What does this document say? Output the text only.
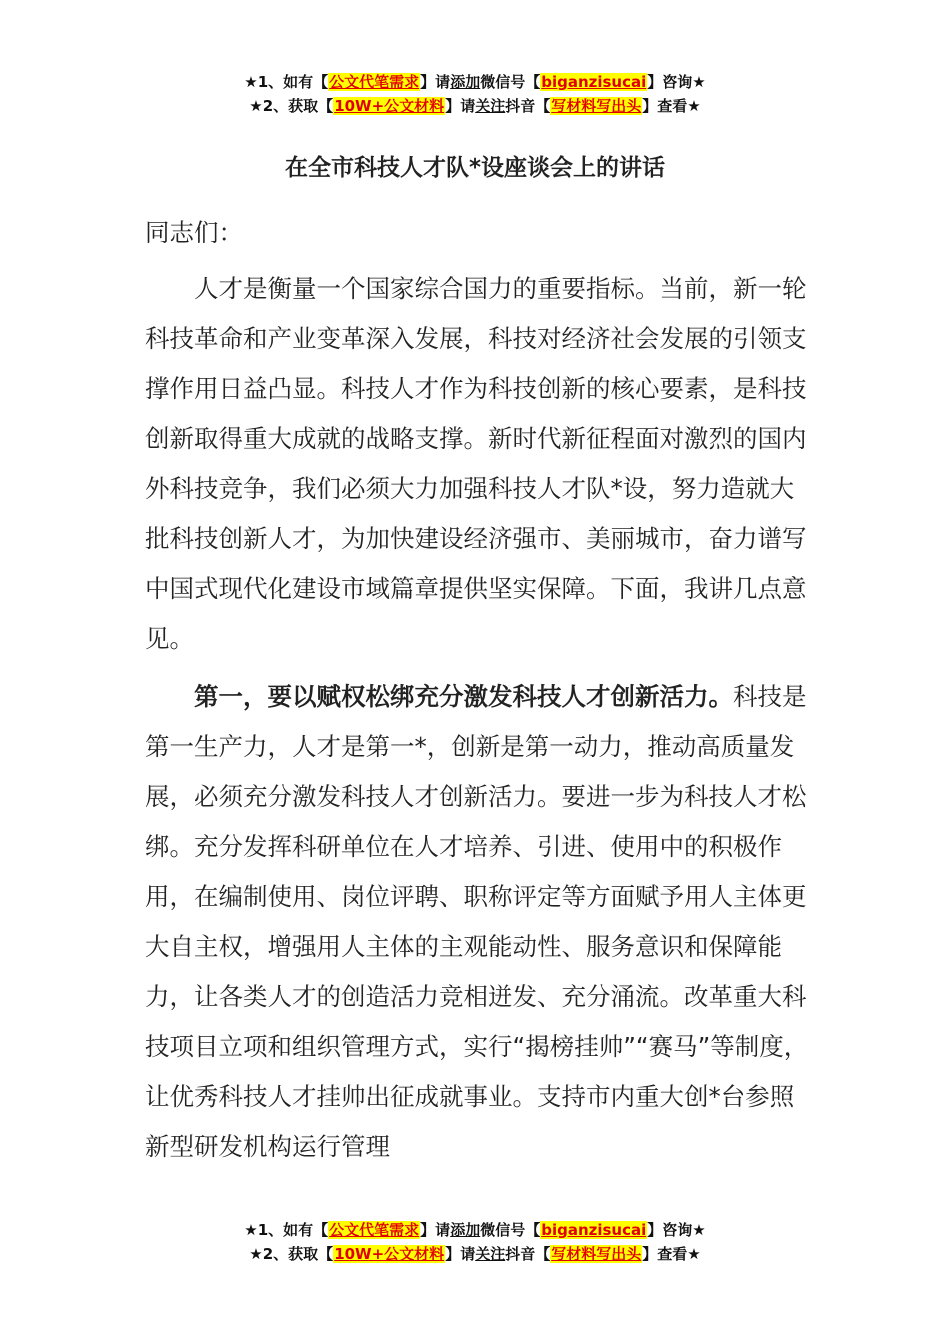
★1、如有【公文代笔需求】请添加微信号【biganzisucai】咨询★
★2、获取【10W+公文材料】请关注抖音【写材料写出头】查看★
在全市科技人才队*设座谈会上的讲话

同志们：

人才是衡量一个国家综合国力的重要指标。当前，新一轮科技革命和产业变革深入发展，科技对经济社会发展的引领支撑作用日益凸显。科技人才作为科技创新的核心要素，是科技创新取得重大成就的战略支撑。新时代新征程面对激烈的国内外科技竞争，我们必须大力加强科技人才队*设，努力造就大批科技创新人才，为加快建设经济强市、美丽城市，奋力谱写中国式现代化建设市域篇章提供坚实保障。下面，我讲几点意见。

第一，要以赋权松绑充分激发科技人才创新活力。科技是第一生产力，人才是第一*，创新是第一动力，推动高质量发展，必须充分激发科技人才创新活力。要进一步为科技人才松绑。充分发挥科研单位在人才培养、引进、使用中的积极作用，在编制使用、岗位评聘、职称评定等方面赋予用人主体更大自主权，增强用人主体的主观能动性、服务意识和保障能力，让各类人才的创造活力竞相迸发、充分涌流。改革重大科技项目立项和组织管理方式，实行“揭榜挂帅”“赛马”等制度，让优秀科技人才挂帅出征成就事业。支持市内重大创*台参照新型研发机构运行管理

★1、如有【公文代笔需求】请添加微信号【biganzisucai】咨询★
★2、获取【10W+公文材料】请关注抖音【写材料写出头】查看★
